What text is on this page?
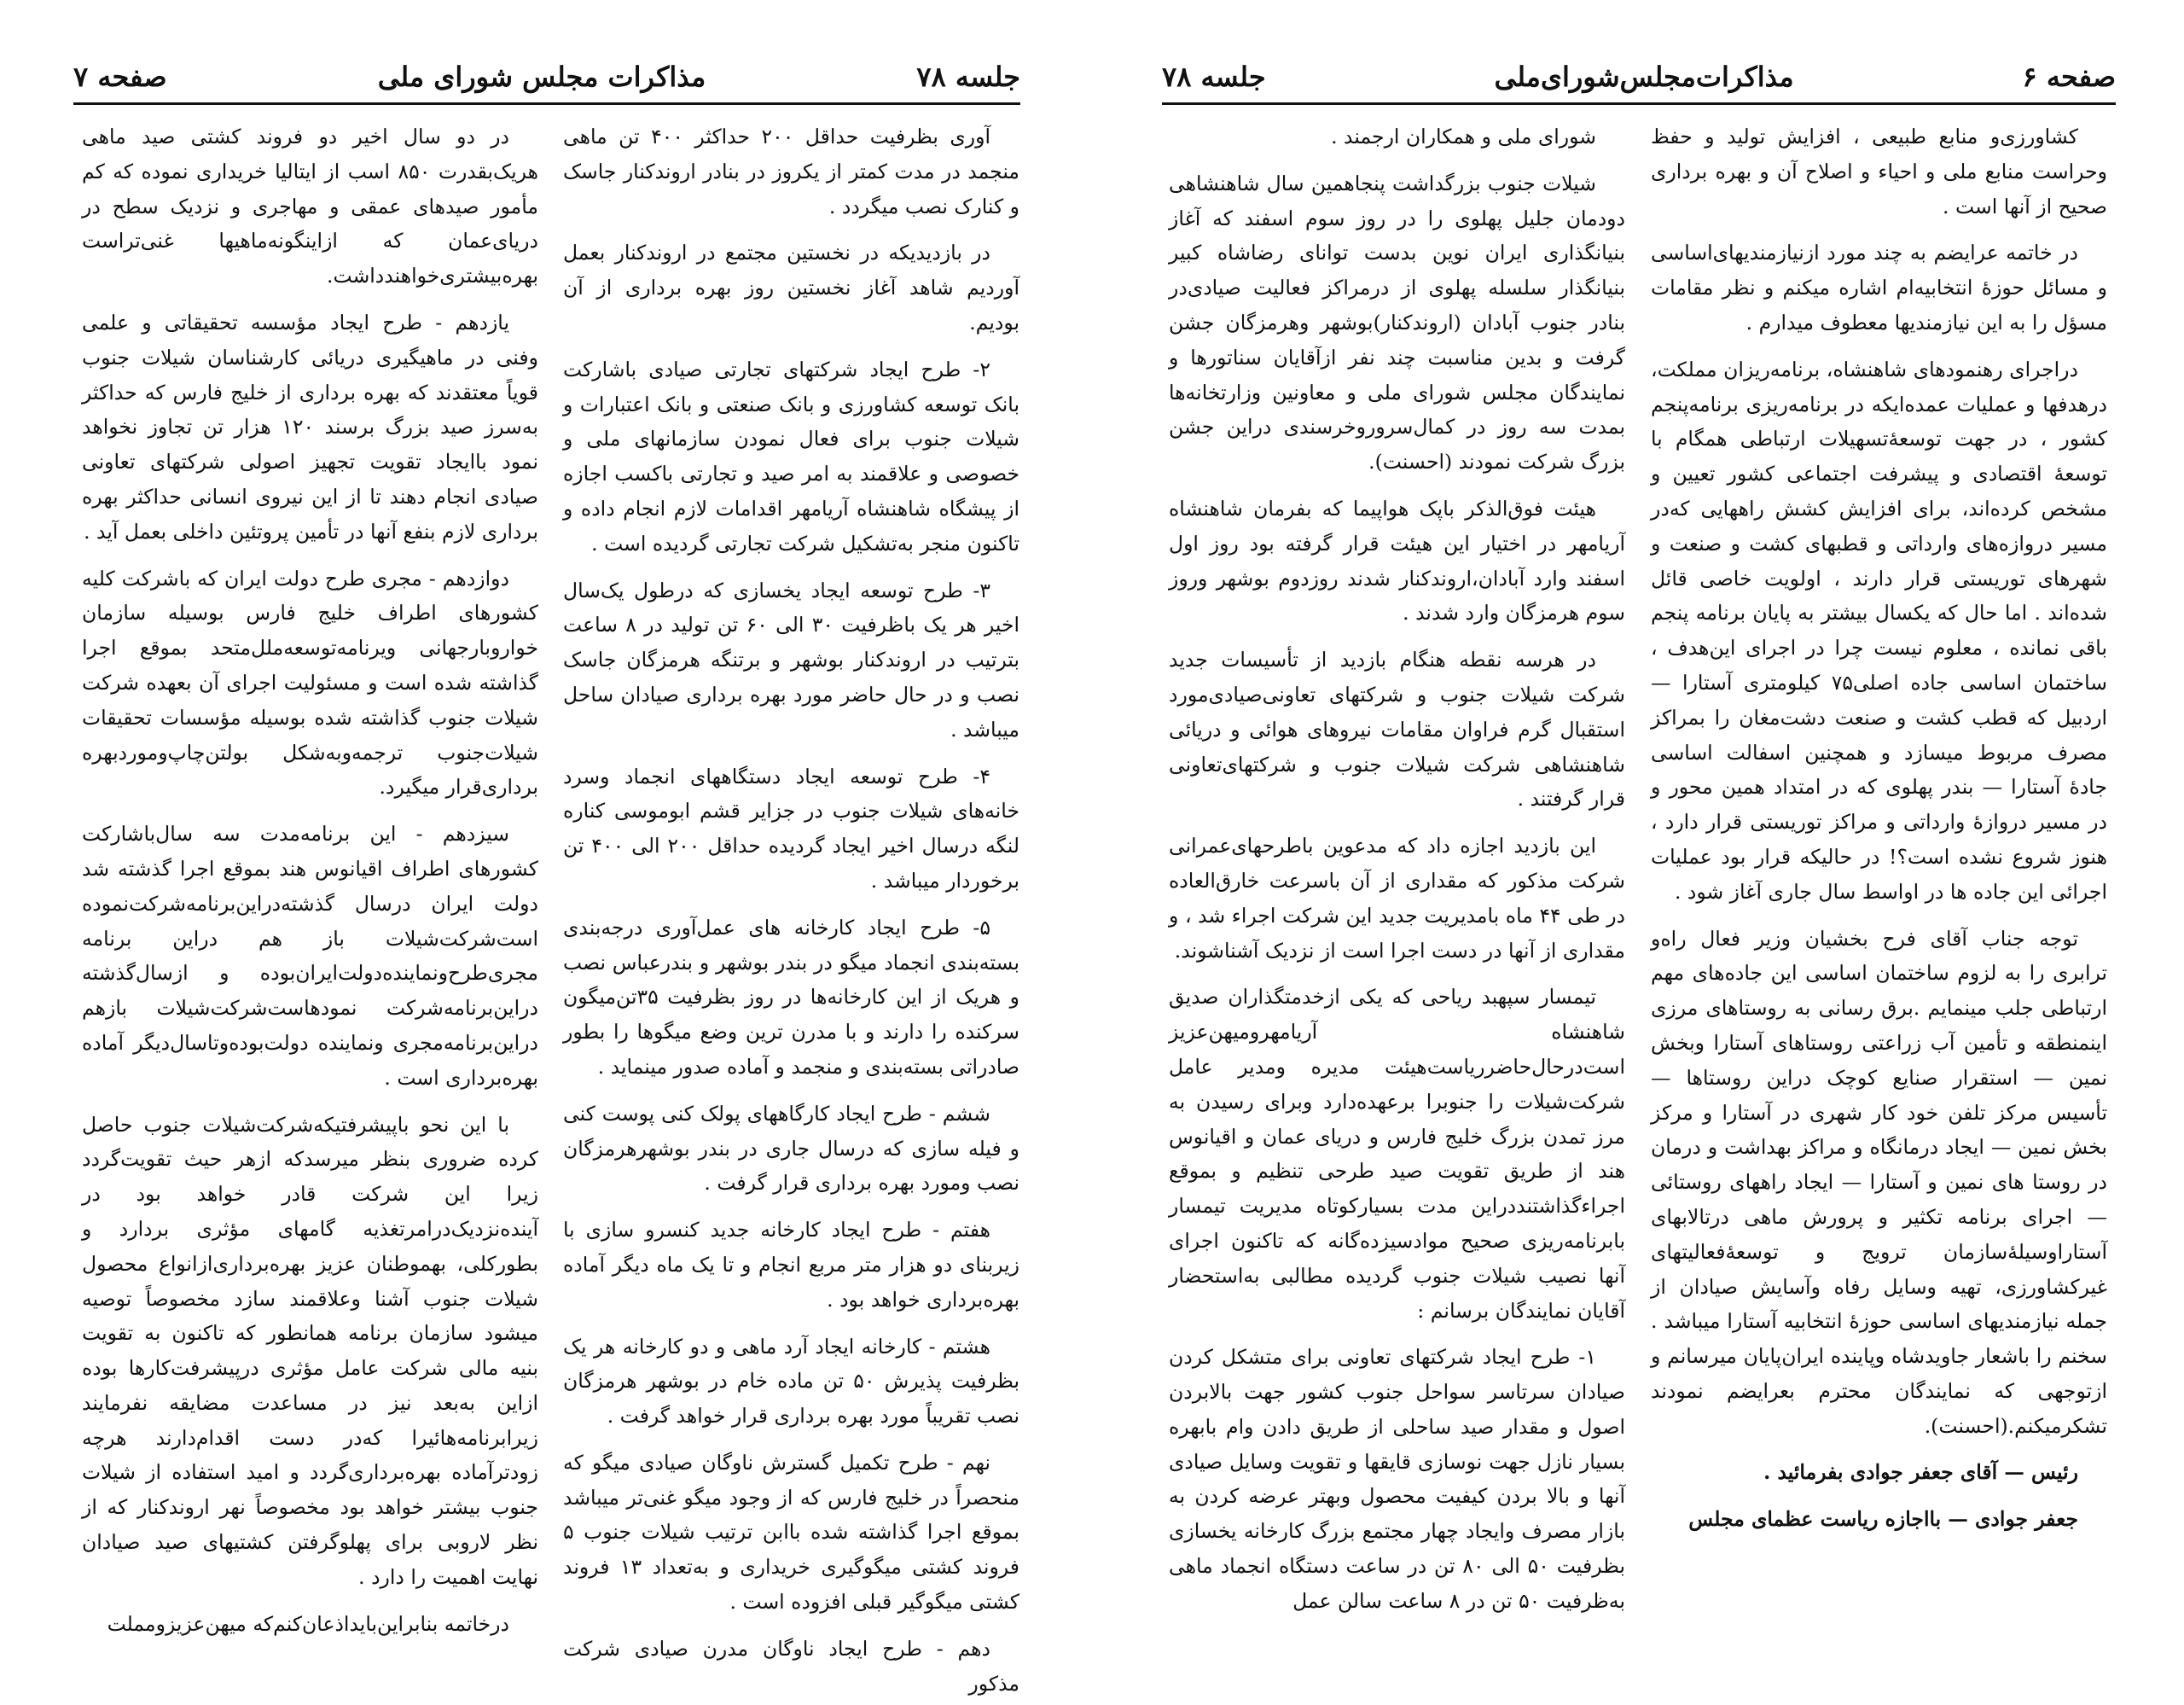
جلسه ۷۸
مذاکرات مجلس شورای ملی
صفحه ۷

آوری بظرفیت حداقل ۲۰۰ حداکثر ۴۰۰ تن ماهی منجمد در مدت کمتر از یکروز در بنادر اروندکنار جاسک و کنارک نصب میگردد .

در بازدیدیکه در نخستین مجتمع در اروندکنار بعمل آوردیم شاهد آغاز نخستین روز بهره برداری از آن بودیم.

۲- طرح ایجاد شرکتهای تجارتی صیادی باشارکت بانک توسعه کشاورزی و بانک صنعتی و بانک اعتبارات و شیلات جنوب برای فعال نمودن سازمانهای ملی و خصوصی و علاقمند به امر صید و تجارتی باکسب اجازه از پیشگاه شاهنشاه آریامهر اقدامات لازم انجام داده و تاکنون منجر به‌تشکیل شرکت تجارتی گردیده است .

۳- طرح توسعه ایجاد یخسازی که درطول یک‌سال اخیر هر یک باظرفیت ۳۰ الی ۶۰ تن تولید در ۸ ساعت بترتیب در اروندکنار بوشهر و برتنگه هرمزگان جاسک نصب و در حال حاضر مورد بهره برداری صیادان ساحل میباشد .

۴- طرح توسعه ایجاد دستگاههای انجماد وسرد خانه‌های شیلات جنوب در جزایر قشم ابوموسی کناره لنگه درسال اخیر ایجاد گردیده حداقل ۲۰۰ الی ۴۰۰ تن برخوردار میباشد .

۵- طرح ایجاد کارخانه های عمل‌آوری درجه‌بندی بسته‌بندی انجماد میگو در بندر بوشهر و بندرعباس نصب و هریک از این کارخانه‌ها در روز بظرفیت ۳۵تن‌میگون سرکنده را دارند و با مدرن ترین وضع میگوها را بطور صادراتی بسته‌بندی و منجمد و آماده صدور مینماید .

ششم - طرح ایجاد کارگاههای پولک کنی پوست کنی و فیله سازی که درسال جاری در بندر بوشهرهرمزگان نصب ومورد بهره برداری قرار گرفت .

هفتم - طرح ایجاد کارخانه جدید کنسرو سازی با زیربنای دو هزار متر مربع انجام و تا یک ماه دیگر آماده بهره‌برداری خواهد بود .

هشتم - کارخانه ایجاد آرد ماهی و دو کارخانه هر یک بظرفیت پذیرش ۵۰ تن ماده خام در بوشهر هرمزگان نصب تقریباً مورد بهره برداری قرار خواهد گرفت .

نهم - طرح تکمیل گسترش ناوگان صیادی میگو که منحصراً در خلیج فارس که از وجود میگو غنی‌تر میباشد بموقع اجرا گذاشته شده باابن ترتیب شیلات جنوب ۵ فروند کشتی میگوگیری خریداری و به‌تعداد ۱۳ فروند کشتی میگوگیر قبلی افزوده است .

دهم - طرح ایجاد ناوگان مدرن صیادی شرکت مذکور

در دو سال اخیر دو فروند کشتی صید ماهی هریک‌بقدرت ۸۵۰ اسب از ایتالیا خریداری نموده که کم مأمور صیدهای عمقی و مهاجری و نزدیک سطح در دریای‌عمان که ازاینگونه‌ماهیها غنی‌تراست بهره‌بیشتری‌خواهندداشت.

یازدهم - طرح ایجاد مؤسسه تحقیقاتی و علمی وفنی در ماهیگیری دریائی کارشناسان شیلات جنوب قویاً معتقدند که بهره برداری از خلیج فارس که حداکثر به‌سرز صید بزرگ برسند ۱۲۰ هزار تن تجاوز نخواهد نمود باایجاد تقویت تجهیز اصولی شرکتهای تعاونی صیادی انجام دهند تا از این نیروی انسانی حداکثر بهره برداری لازم بنفع آنها در تأمین پروتئین داخلی بعمل آید .

دوازدهم - مجری طرح دولت ایران که باشرکت کلیه کشورهای اطراف خلیج فارس بوسیله سازمان خواروبارجهانی ویرنامه‌توسعه‌ملل‌متحد بموقع اجرا گذاشته شده است و مسئولیت اجرای آن بعهده شرکت شیلات جنوب گذاشته شده بوسیله مؤسسات تحقیقات شیلات‌جنوب ترجمه‌وبه‌شکل بولتن‌چاپ‌ومورد‌بهره برداری‌قرار میگیرد.

سیزدهم - این برنامه‌مدت سه سال‌باشارکت کشورهای اطراف اقیانوس هند بموقع اجرا گذشته شد دولت ایران درسال گذشته‌دراین‌برنامه‌شرکت‌نموده است‌شرکت‌شیلات باز هم دراین برنامه مجری‌طرح‌ونماینده‌دولت‌ایران‌بوده و ازسال‌گذشته دراین‌برنامه‌شرکت نمودهاست‌شرکت‌شیلات بازهم دراین‌برنامه‌مجری ونماینده دولت‌بوده‌وتا‌سال‌دیگر آماده بهره‌برداری است .

با این نحو باپیشرفتیکه‌شرکت‌شیلات جنوب حاصل کرده ضروری بنظر میرسدکه ازهر حیث تقویت‌گردد زیرا این شرکت قادر خواهد بود در آینده‌نزدیک‌درامرتغذیه گامهای مؤثری بردارد و بطورکلی، بهموطنان عزیز بهره‌برداری‌ازانواع محصول شیلات جنوب آشنا وعلاقمند سازد مخصوصاً توصیه میشود سازمان برنامه همانطور که تاکنون به تقویت بنیه مالی شرکت عامل مؤثری درپیشرفت‌کارها بوده ازاین به‌بعد نیز در مساعدت مضایقه نفرمایند زیرابرنامه‌هائیرا که‌در دست اقدام‌دارند هرچه زودترآماده بهره‌برداری‌گردد و امید استفاده از شیلات جنوب بیشتر خواهد بود مخصوصاً نهر اروندکنار که از نظر لاروبی برای پهلوگرفتن کشتیهای صید صیادان نهایت اهمیت را دارد .

درخاتمه بنابراین‌بایداذعان‌کنم‌که میهن‌عزیزومملت

صفحه ۶
مذاکرات‌مجلس‌شورای‌ملی
جلسه ۷۸

کشاورزی‌و منابع طبیعی ، افزایش تولید و حفظ وحراست منابع ملی و احیاء و اصلاح آن و بهره برداری صحیح از آنها است .

در خاتمه عرایضم به چند مورد ازنیازمندیهای‌اساسی و مسائل حوزهٔ انتخابیه‌ام اشاره میکنم و نظر مقامات مسؤل را به این نیازمندیها معطوف میدارم .

دراجرای رهنمودهای شاهنشاه، برنامه‌ریزان مملکت، درهدفها و عملیات عمده‌ایکه در برنامه‌ریزی برنامه‌پنجم کشور ، در جهت توسعهٔ‌تسهیلات ارتباطی همگام با توسعهٔ اقتصادی و پیشرفت اجتماعی کشور تعیین و مشخص کرده‌اند، برای افزایش کشش راههایی که‌در مسیر دروازه‌های وارداتی و قطبهای کشت و صنعت و شهرهای توریستی قرار دارند ، اولویت خاصی قائل شده‌اند . اما حال که یکسال بیشتر به پایان برنامه پنجم باقی نمانده ، معلوم نیست چرا در اجرای این‌هدف ، ساختمان اساسی جاده اصلی۷۵ کیلومتری آستارا — اردبیل که قطب کشت و صنعت دشت‌مغان را بمراکز مصرف مربوط میسازد و همچنین اسفالت اساسی جادهٔ آستارا — بندر پهلوی که در امتداد همین محور و در مسیر دروازهٔ وارداتی و مراکز توریستی قرار دارد ، هنوز شروع نشده است؟! در حالیکه قرار بود عملیات اجرائی این جاده ها در اواسط سال جاری آغاز شود .

توجه جناب آقای فرح بخشیان وزیر فعال راه‌و ترابری را به لزوم ساختمان اساسی این جاده‌های مهم ارتباطی جلب مینمایم .برق رسانی به روستاهای مرزی اینمنطقه و تأمین آب زراعتی روستاهای آستارا وبخش نمین — استقرار صنایع کوچک دراین روستاها — تأسیس مرکز تلفن خود کار شهری در آستارا و مرکز بخش نمین — ایجاد درمانگاه و مراکز بهداشت و درمان در روستا های نمین و آستارا — ایجاد راههای روستائی — اجرای برنامه تکثیر و پرورش ماهی درتالابهای آستاراوسیلهٔ‌سازمان ترویج و توسعهٔ‌فعالیتهای غیرکشاورزی‌، تهیه وسایل رفاه وآسایش صیادان از جمله نیازمندیهای اساسی حوزهٔ انتخابیه آستارا میباشد . سخنم را باشعار جاویدشاه وپاینده ایران‌پایان میرسانم و ازتوجهی که نمایندگان محترم بعرایضم نمودند تشکرمیکنم.(احسنت).

رئیس — آقای جعفر جوادی بفرمائید .

جعفر جوادی — بااجازه ریاست عظمای مجلس

شورای ملی و همکاران ارجمند .

شیلات جنوب بزرگداشت پنجاهمین سال شاهنشاهی دودمان جلیل پهلوی را در روز سوم اسفند که آغاز بنیانگذاری ایران نوین بدست توانای رضاشاه کبیر بنیانگذار سلسله پهلوی از درمراکز فعالیت صیادی‌در بنادر جنوب آبادان (اروندکنار)بوشهر وهرمزگان جشن گرفت و بدین مناسبت چند نفر ازآقایان سناتورها و نمایندگان مجلس شورای ملی و معاونین وزارتخانه‌ها بمدت سه روز در کمال‌سروروخرسندی دراین جشن بزرگ شرکت نمودند (احسنت).

هیئت فوق‌الذکر باپک هواپیما که بفرمان شاهنشاه آریامهر در اختیار این هیئت قرار گرفته بود روز اول اسفند وارد آبادان،اروندکنار شدند روزدوم بوشهر وروز سوم هرمزگان وارد شدند .

در هرسه نقطه هنگام بازدید از تأسیسات جدید شرکت شیلات جنوب و شرکتهای تعاونی‌صیادی‌مورد استقبال گرم فراوان مقامات نیروهای هوائی و دریائی شاهنشاهی شرکت شیلات جنوب و شرکتهای‌تعاونی قرار گرفتند .

این بازدید اجازه داد که مدعوین باطرحهای‌عمرانی شرکت مذکور که مقداری از آن باسرعت خارق‌العاده در طی ۴۴ ماه بامدیریت جدید این شرکت اجراء شد ، و مقداری از آنها در دست اجرا است از نزدیک آشناشوند.

تیمسار سپهبد ریاحی که یکی ازخدمتگذاران صدیق شاهنشاه آریامهرومیهن‌عزیز است‌درحال‌حاضر‌ریاست‌هیئت مدیره ومدیر عامل شرکت‌شیلات را جنوبرا برعهده‌دارد وبرای رسیدن به مرز تمدن بزرگ خلیج فارس و دریای عمان و اقیانوس هند از طریق تقویت صید طرحی تنظیم و بموقع اجراءگذاشتنددراین مدت بسیارکوتاه مدیریت تیمسار بابرنامه‌ریزی صحیح موادسیزده‌گانه که تاکنون اجرای آنها نصیب شیلات جنوب گردیده مطالبی به‌استحضار آقایان نمایندگان برسانم :

۱- طرح ایجاد شرکتهای تعاونی برای متشکل کردن صیادان سرتاسر سواحل جنوب کشور جهت بالابردن اصول و مقدار صید ساحلی از طریق دادن وام بابهره بسیار نازل جهت نوسازی قایقها و تقویت وسایل صیادی آنها و بالا بردن کیفیت محصول وبهتر عرضه کردن به بازار مصرف وایجاد چهار مجتمع بزرگ کارخانه یخسازی بظرفیت ۵۰ الی ۸۰ تن در ساعت دستگاه انجماد ماهی به‌ظرفیت ۵۰ تن در ۸ ساعت سالن عمل
